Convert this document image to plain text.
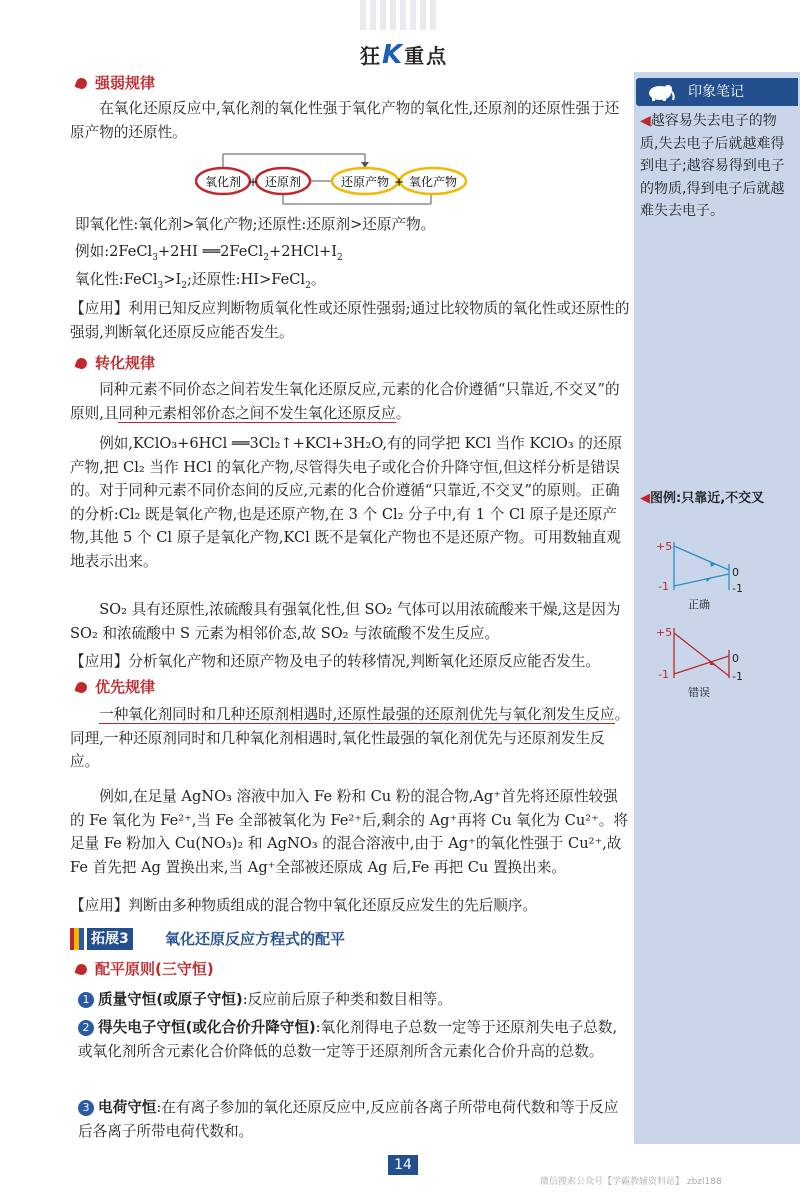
狂K重点
印象笔记
◀越容易失去电子的物质,失去电子后就越难得到电子;越容易得到电子的物质,得到电子后就越难失去电子。
◀图例:只靠近,不交叉
+5
-1
0
-1
正确
+5
-1
0
-1
错误
强弱规律

在氧化还原反应中,氧化剂的氧化性强于氧化产物的氧化性,还原剂的还原性强于还原产物的还原性。

氧化剂 + 还原剂	还原产物 + 氧化产物

即氧化性:氧化剂>氧化产物;还原性:还原剂>还原产物。

例如:2FeCl$_3$+2HI $══2FeCl_2+2HCl+I_2$

氧化性$:FeCl_3>I_2$;还原性:HI>FeCl$_2$。

【应用】利用已知反应判断物质氧化性或还原性强弱;通过比较物质的氧化性或还原性的强弱,判断氧化还原反应能否发生。

转化规律

同种元素不同价态之间若发生氧化还原反应,元素的化合价遵循“只靠近,不交叉”的原则,且同种元素相邻价态之间不发生氧化还原反应。

例如,KClO₃+6HCl ══3Cl₂↑+KCl+3H₂O,有的同学把 KCl 当作 KClO₃ 的还原产物,把 Cl₂ 当作 HCl 的氧化产物,尽管得失电子或化合价升降守恒,但这样分析是错误的。对于同种元素不同价态间的反应,元素的化合价遵循“只靠近,不交叉”的原则。正确的分析:Cl₂ 既是氧化产物,也是还原产物,在 3 个 Cl₂ 分子中,有 1 个 Cl 原子是还原产物,其他 5 个 Cl 原子是氧化产物,KCl 既不是氧化产物也不是还原产物。可用数轴直观地表示出来。

SO₂ 具有还原性,浓硫酸具有强氧化性,但 SO₂ 气体可以用浓硫酸来干燥,这是因为 SO₂ 和浓硫酸中 S 元素为相邻价态,故 SO₂ 与浓硫酸不发生反应。

【应用】分析氧化产物和还原产物及电子的转移情况,判断氧化还原反应能否发生。

优先规律

一种氧化剂同时和几种还原剂相遇时,还原性最强的还原剂优先与氧化剂发生反应。同理,一种还原剂同时和几种氧化剂相遇时,氧化性最强的氧化剂优先与还原剂发生反应。

例如,在足量 AgNO₃ 溶液中加入 Fe 粉和 Cu 粉的混合物,Ag⁺首先将还原性较强的 Fe 氧化为 Fe²⁺,当 Fe 全部被氧化为 Fe²⁺后,剩余的 Ag⁺再将 Cu 氧化为 Cu²⁺。将足量 Fe 粉加入 Cu(NO₃)₂ 和 AgNO₃ 的混合溶液中,由于 Ag⁺的氧化性强于 Cu²⁺,故 Fe 首先把 Ag 置换出来,当 Ag⁺全部被还原成 Ag 后,Fe 再把 Cu 置换出来。

【应用】判断由多种物质组成的混合物中氧化还原反应发生的先后顺序。

拓展3 氧化还原反应方程式的配平
配平原则(三守恒)

1 质量守恒(或原子守恒):反应前后原子种类和数目相等。

2 得失电子守恒(或化合价升降守恒):氧化剂得电子总数一定等于还原剂失电子总数,或氧化剂所含元素化合价降低的总数一定等于还原剂所含元素化合价升高的总数。

3 电荷守恒:在有离子参加的氧化还原反应中,反应前各离子所带电荷代数和等于反应后各离子所带电荷代数和。

14
微信搜索公众号【学霸教辅资料站】 zbzl188
